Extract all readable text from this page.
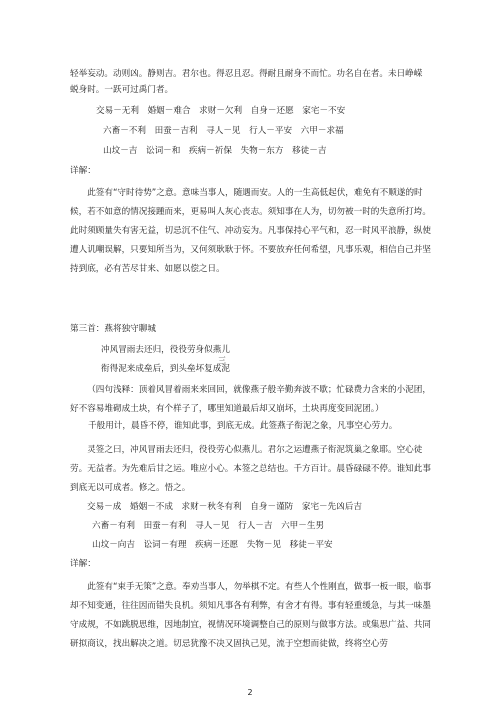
轻举妄动。动则凶。静则吉。君尔也。得忍且忍。得耐且耐身不而忙。功名自在者。未日峥嵘

蜕身时。一跃可过禹门者。

交易－无利　婚姻－难合　求财－欠利　自身－还愿　家宅－不安

六畜－不利　田蚕－吉利　寻人－见　行人－平安　六甲－求福

山坟－吉　讼词－和　疾病－祈保　失物－东方　移徒－吉

详解：

此签有“守时待势”之意。意味当事人，随遇而安。人的一生高低起伏，难免有不顺遂的时候，若不如意的情况接踵而来，更易叫人灰心丧志。须知事在人为，切勿被一时的失意所打垮。此时须顾量失有害无益，切忌沉不住气、冲动妄为。凡事保持心平气和，忍一时风平浪静，纵使遭人讥嘲误解，只要知所当为，又何须耿耿于怀。不要放弃任何希望，凡事乐观，相信自己并坚持到底，必有苦尽甘来、如愿以偿之日。

第三首：燕将独守聊城

冲风冒雨去还归，役役劳身似燕儿

衔得泥来成垒后，到头垒坏复成泥

三

（四句浅释：顶着风冒着雨来来回回，就像燕子般辛勤奔波不歇；忙碌费力含来的小泥团，好不容易堆砌成土块，有个样子了，哪里知道最后却又崩坏，土块再度变回泥团。）

千般用计，晨昏不停，谁知此事，到底无成。此签燕子衔泥之象，凡事空心劳力。

灵签之曰，冲风冒雨去还归，役役劳心似燕儿。君尔之运遭燕子衔泥筑巢之象耶。空心徒劳。无益者。为先难后甘之运。唯应小心。本签之总结也。千方百计。晨昏碌碌不停。谁知此事到底无以可成者。修之。悟之。

交易－成　婚姻－不成　求财－秋冬有利　自身－谨防　家宅－先凶后吉

六畜－有利　田蚕－有利　寻人－见　行人－吉　六甲－生男

山坟－向吉　讼词－有理　疾病－还愿　失物－见　移徒－平安

详解：

此签有“束手无策”之意。奉劝当事人，勿举棋不定。有些人个性刚直，做事一板一眼，临事却不知变通，往往因而错失良机。须知凡事各有利弊，有舍才有得。事有轻重缓急，与其一味墨守成规，不如跳脱思维，因地制宜，视情况环境调整自己的原则与做事方法。或集思广益、共同研拟商议，找出解决之道。切忌犹豫不决又固执己见，流于空想而徒做，终将空心劳

2
